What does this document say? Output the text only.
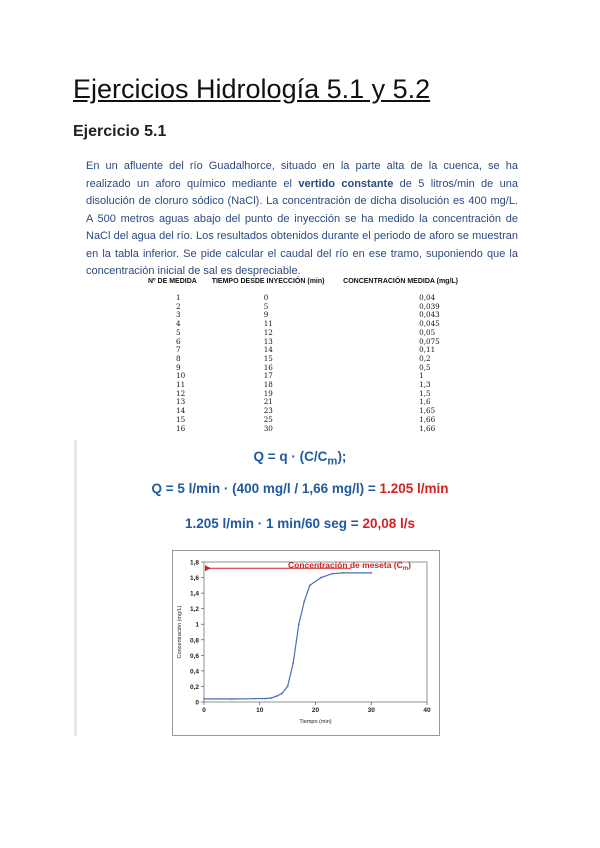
Ejercicios Hidrología 5.1 y 5.2
Ejercicio 5.1

En un afluente del río Guadalhorce, situado en la parte alta de la cuenca, se ha realizado un aforo químico mediante el vertido constante de 5 litros/min de una disolución de cloruro sódico (NaCl). La concentración de dicha disolución es 400 mg/L. A 500 metros aguas abajo del punto de inyección se ha medido la concentración de NaCl del agua del río. Los resultados obtenidos durante el periodo de aforo se muestran en la tabla inferior. Se pide calcular el caudal del río en ese tramo, suponiendo que la concentración inicial de sal es despreciable.

Nº DE MEDIDA	TIEMPO DESDE INYECCIÓN (min)	CONCENTRACIÓN MEDIDA (mg/L)
1	0	0,04
2	5	0,039
3	9	0,043
4	11	0,045
5	12	0,05
6	13	0,075
7	14	0,11
8	15	0,2
9	16	0,5
10	17	1
11	18	1,3
12	19	1,5
13	21	1,6
14	23	1,65
15	25	1,66
16	30	1,66
$Q = q \cdot (C/C_m)$;
Q = 5 l/min · (400 mg/l / 1,66 mg/l) = 1.205 l/min
1.205 l/min · 1 min/60 seg = 20,08 l/s
0
0,2
0,4
0,6
0,8
1
1,2
1,4
1,6
1,8
0	10	20	30	40
Tiempo (min)
Concentración (mg/L)
Concentración de meseta $(C_m)$
